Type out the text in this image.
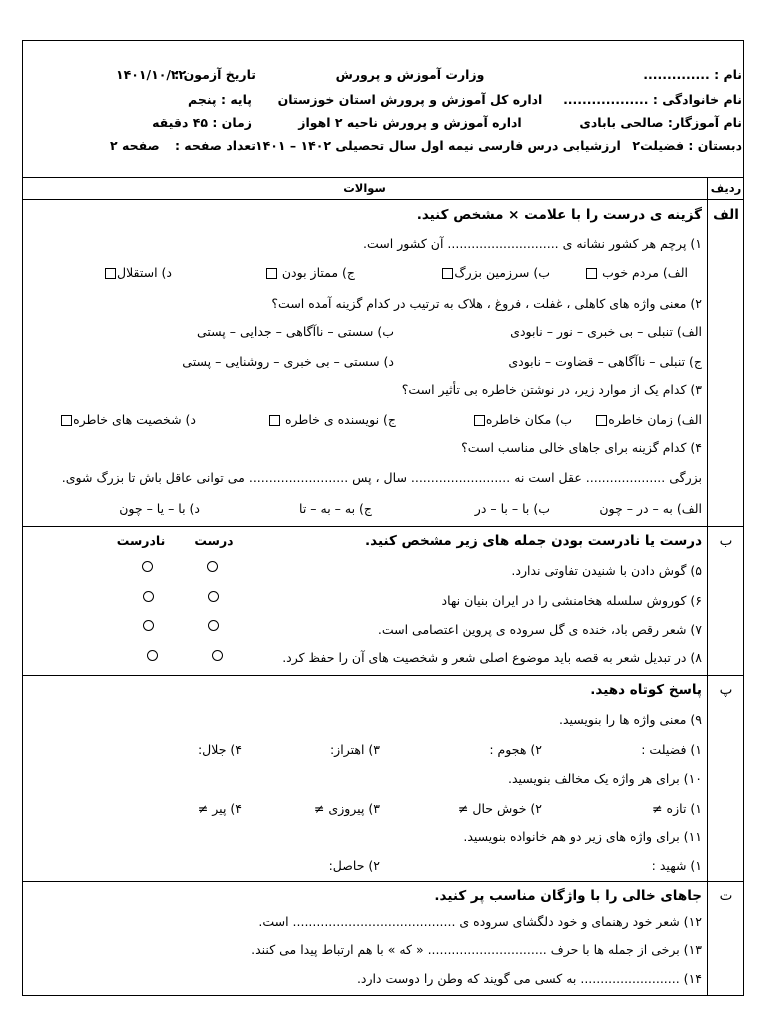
نام : ..............
نام خانوادگی : ..................
نام آموزگار: صالحی بابادی
دبستان : فضیلت۲
وزارت آموزش و پرورش
اداره کل آموزش و پرورش استان خوزستان
اداره آموزش و پرورش ناحیه ۲ اهواز
ارزشیابی درس فارسی نیمه اول سال تحصیلی ۱۴۰۲ – ۱۴۰۱
تاریخ آزمون :
۱۴۰۱/۱۰/۲۲
پایه : پنجم
زمان : ۴۵ دقیقه
تعداد صفحه :
۲ صفحه
ردیف
سوالات
الف
گزینه ی درست را با علامت × مشخص کنید.
۱) پرچم هر کشور نشانه ی ............................ آن کشور است.
الف) مردم خوب
ب) سرزمین بزرگ
ج) ممتاز بودن
د) استقلال
۲) معنی واژه های کاهلی ، غفلت ، فروغ ، هلاک به ترتیب در کدام گزینه آمده است؟
الف) تنبلی – بی خبری – نور – نابودی
ب) سستی – ناآگاهی – جدایی – پستی
ج) تنبلی – ناآگاهی – قضاوت – نابودی
د) سستی – بی خبری – روشنایی – پستی
۳) کدام یک از موارد زیر، در نوشتن خاطره بی تأثیر است؟
الف) زمان خاطره
ب) مکان خاطره
ج) نویسنده ی خاطره
د) شخصیت های خاطره
۴) کدام گزینه برای جاهای خالی مناسب است؟
بزرگی .................... عقل است نه ......................... سال ، پس ......................... می توانی عاقل باش تا بزرگ شوی.
الف) به – در – چون
ب) با – با – در
ج) به – به – تا
د) با – یا – چون
ب
درست یا نادرست بودن جمله های زیر مشخص کنید.
درست
نادرست
۵) گوش دادن با شنیدن تفاوتی ندارد.
۶) کوروش سلسله هخامنشی را در ایران بنیان نهاد
۷) شعر رقص باد، خنده ی گل سروده ی پروین اعتصامی است.
۸) در تبدیل شعر به قصه باید موضوع اصلی شعر و شخصیت های آن را حفظ کرد.
پ
پاسخ کوتاه دهید.
۹) معنی واژه ها را بنویسید.
۱) فضیلت :
۲) هجوم :
۳) اهتراز:
۴) جلال:
۱۰) برای هر واژه یک مخالف بنویسید.
۱) تازه ≠
۲) خوش حال ≠
۳) پیروزی ≠
۴) پیر ≠
۱۱) برای واژه های زیر دو هم خانواده بنویسید.
۱) شهید :
۲) حاصل:
ت
جاهای خالی را با واژگان مناسب پر کنید.
۱۲) شعر خود رهنمای و خود دلگشای سروده ی ......................................... است.
۱۳) برخی از جمله ها با حرف .............................. « که » با هم ارتباط پیدا می کنند.
۱۴) ......................... به کسی می گویند که وطن را دوست دارد.
